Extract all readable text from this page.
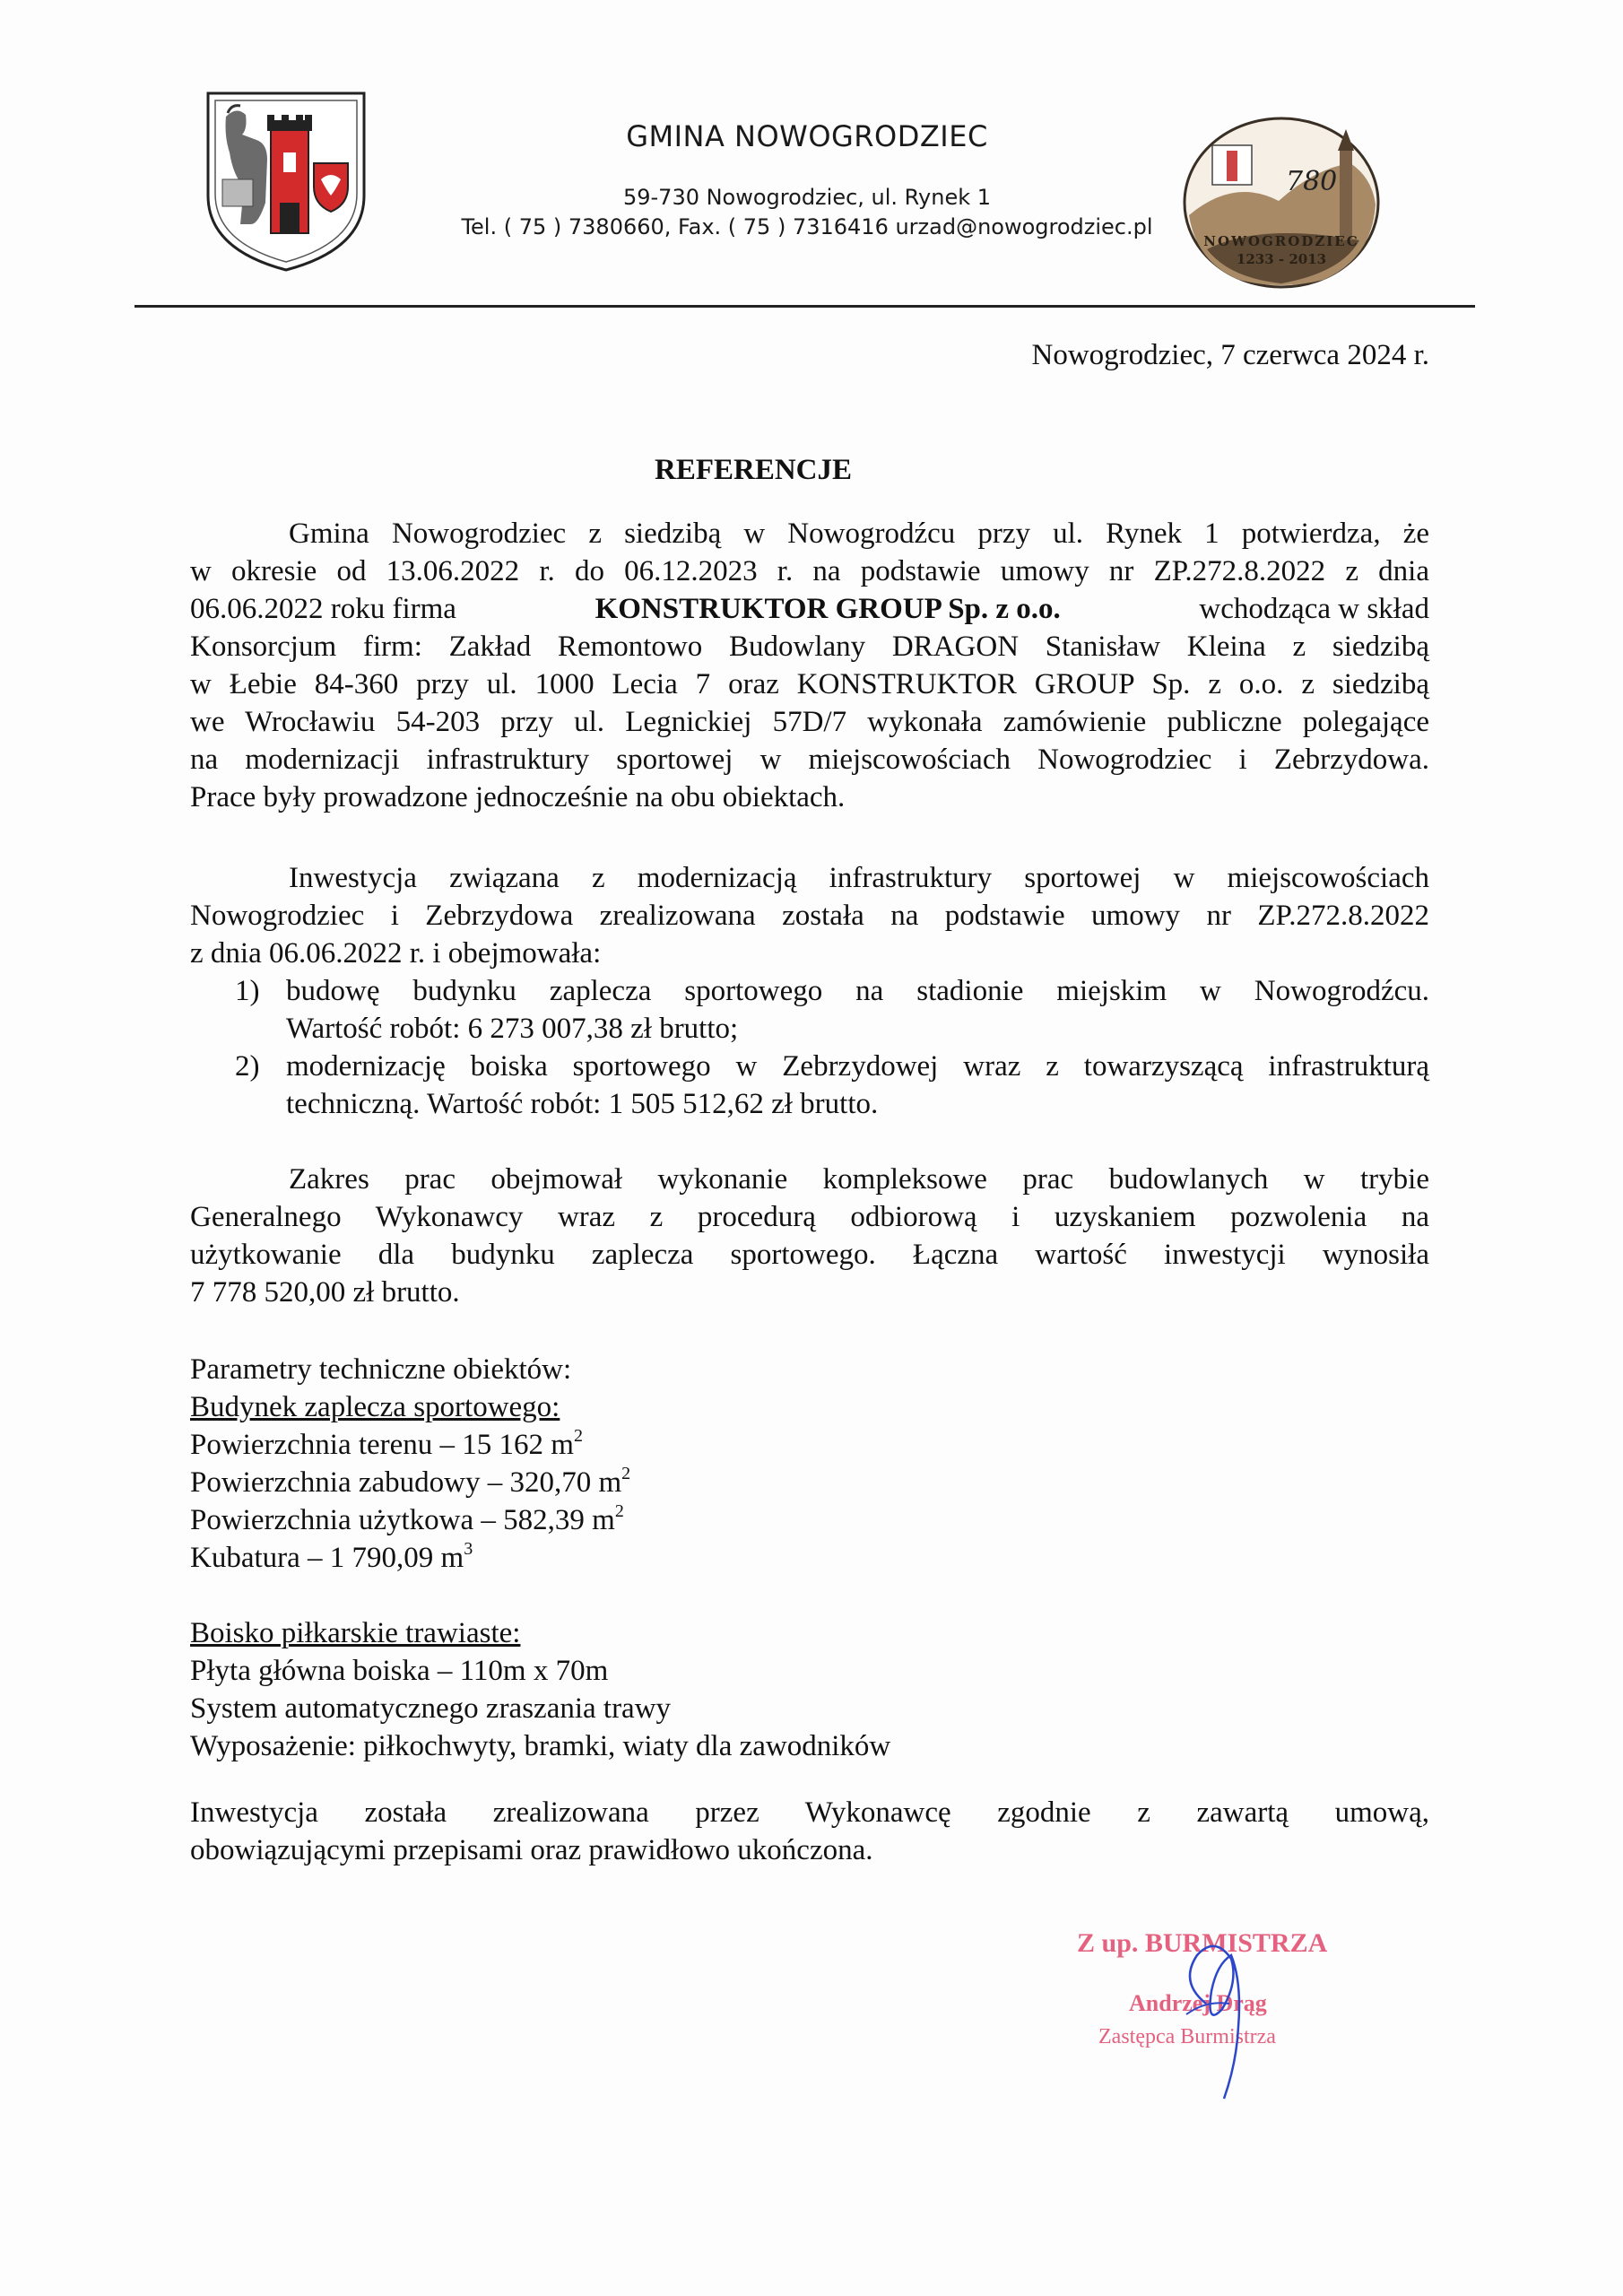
GMINA NOWOGRODZIEC
59-730 Nowogrodziec, ul. Rynek 1
Tel. ( 75 ) 7380660, Fax. ( 75 ) 7316416 urzad@nowogrodziec.pl
780
NOWOGRODZIEC
1233 - 2013
Nowogrodziec, 7 czerwca 2024 r.
REFERENCJE
Gmina Nowogrodziec z siedzibą w Nowogrodźcu przy ul. Rynek 1 potwierdza, że
w okresie od 13.06.2022 r. do 06.12.2023 r. na podstawie umowy nr ZP.272.8.2022 z dnia
06.06.2022 roku firma	KONSTRUKTOR GROUP Sp. z o.o.	wchodząca w skład
Konsorcjum firm: Zakład Remontowo Budowlany DRAGON Stanisław Kleina z siedzibą
w Łebie 84-360 przy ul. 1000 Lecia 7 oraz KONSTRUKTOR GROUP Sp. z o.o. z siedzibą
we Wrocławiu 54-203 przy ul. Legnickiej 57D/7 wykonała zamówienie publiczne polegające
na modernizacji infrastruktury sportowej w miejscowościach Nowogrodziec i Zebrzydowa.
Prace były prowadzone jednocześnie na obu obiektach.
Inwestycja związana z modernizacją infrastruktury sportowej w miejscowościach
Nowogrodziec i Zebrzydowa zrealizowana została na podstawie umowy nr ZP.272.8.2022
z dnia 06.06.2022 r. i obejmowała:
1) budowę budynku zaplecza sportowego na stadionie miejskim w Nowogrodźcu.
Wartość robót: 6 273 007,38 zł brutto;
2) modernizację boiska sportowego w Zebrzydowej wraz z towarzyszącą infrastrukturą
techniczną. Wartość robót: 1 505 512,62 zł brutto.
Zakres prac obejmował wykonanie kompleksowe prac budowlanych w trybie
Generalnego Wykonawcy wraz z procedurą odbiorową i uzyskaniem pozwolenia na
użytkowanie dla budynku zaplecza sportowego. Łączna wartość inwestycji wynosiła
7 778 520,00 zł brutto.
Parametry techniczne obiektów:
Budynek zaplecza sportowego:
Powierzchnia terenu – 15 162 $m^2$
Powierzchnia zabudowy – 320,70 $m^2$
Powierzchnia użytkowa – 582,39 $m^2$
Kubatura – 1 790,09 $m^3$
Boisko piłkarskie trawiaste:
Płyta główna boiska – 110m x 70m
System automatycznego zraszania trawy
Wyposażenie: piłkochwyty, bramki, wiaty dla zawodników
Inwestycja została zrealizowana przez Wykonawcę zgodnie z zawartą umową,
obowiązującymi przepisami oraz prawidłowo ukończona.
Z up. BURMISTRZA
Andrzej Drąg
Zastępca Burmistrza
